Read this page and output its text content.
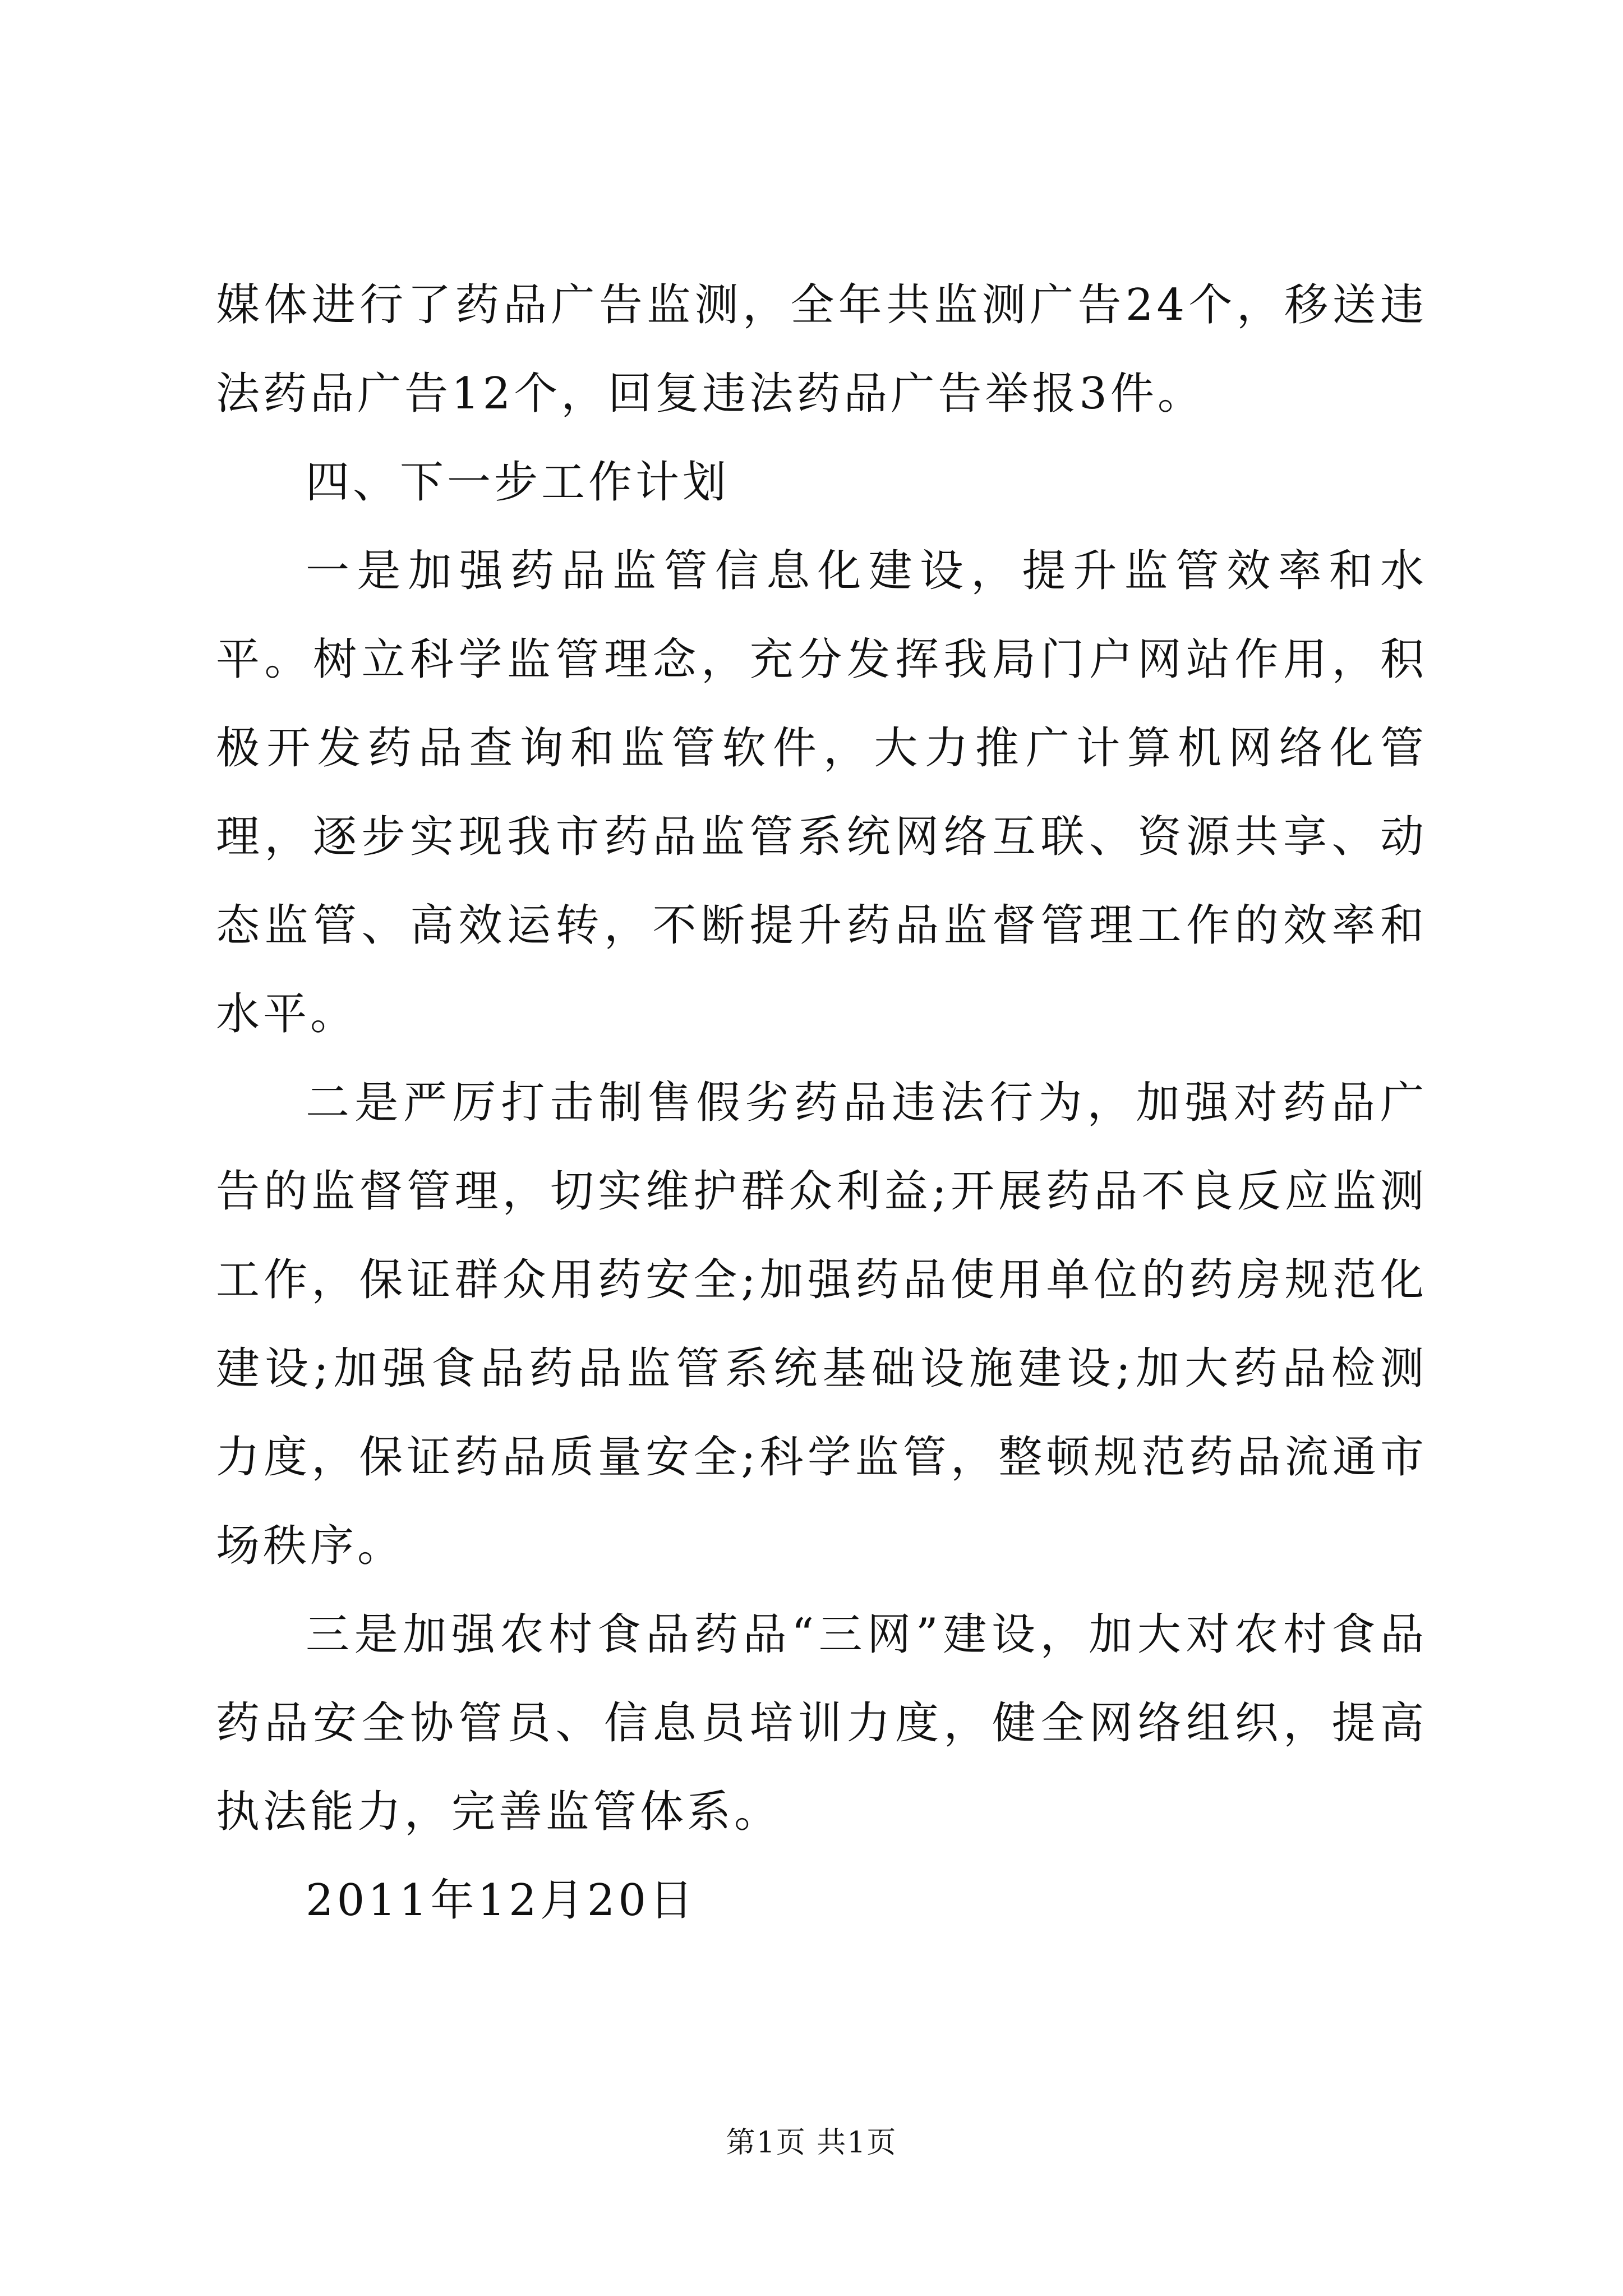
媒体进行了药品广告监测，全年共监测广告24个，移送违法药品广告12个，回复违法药品广告举报3件。

四、下一步工作计划

一是加强药品监管信息化建设，提升监管效率和水平。树立科学监管理念，充分发挥我局门户网站作用，积极开发药品查询和监管软件，大力推广计算机网络化管理，逐步实现我市药品监管系统网络互联、资源共享、动态监管、高效运转，不断提升药品监督管理工作的效率和水平。

二是严厉打击制售假劣药品违法行为，加强对药品广告的监督管理，切实维护群众利益;开展药品不良反应监测工作，保证群众用药安全;加强药品使用单位的药房规范化建设;加强食品药品监管系统基础设施建设;加大药品检测力度，保证药品质量安全;科学监管，整顿规范药品流通市场秩序。

三是加强农村食品药品“三网”建设，加大对农村食品药品安全协管员、信息员培训力度，健全网络组织，提高执法能力，完善监管体系。

2011年12月20日

第1页 共1页
